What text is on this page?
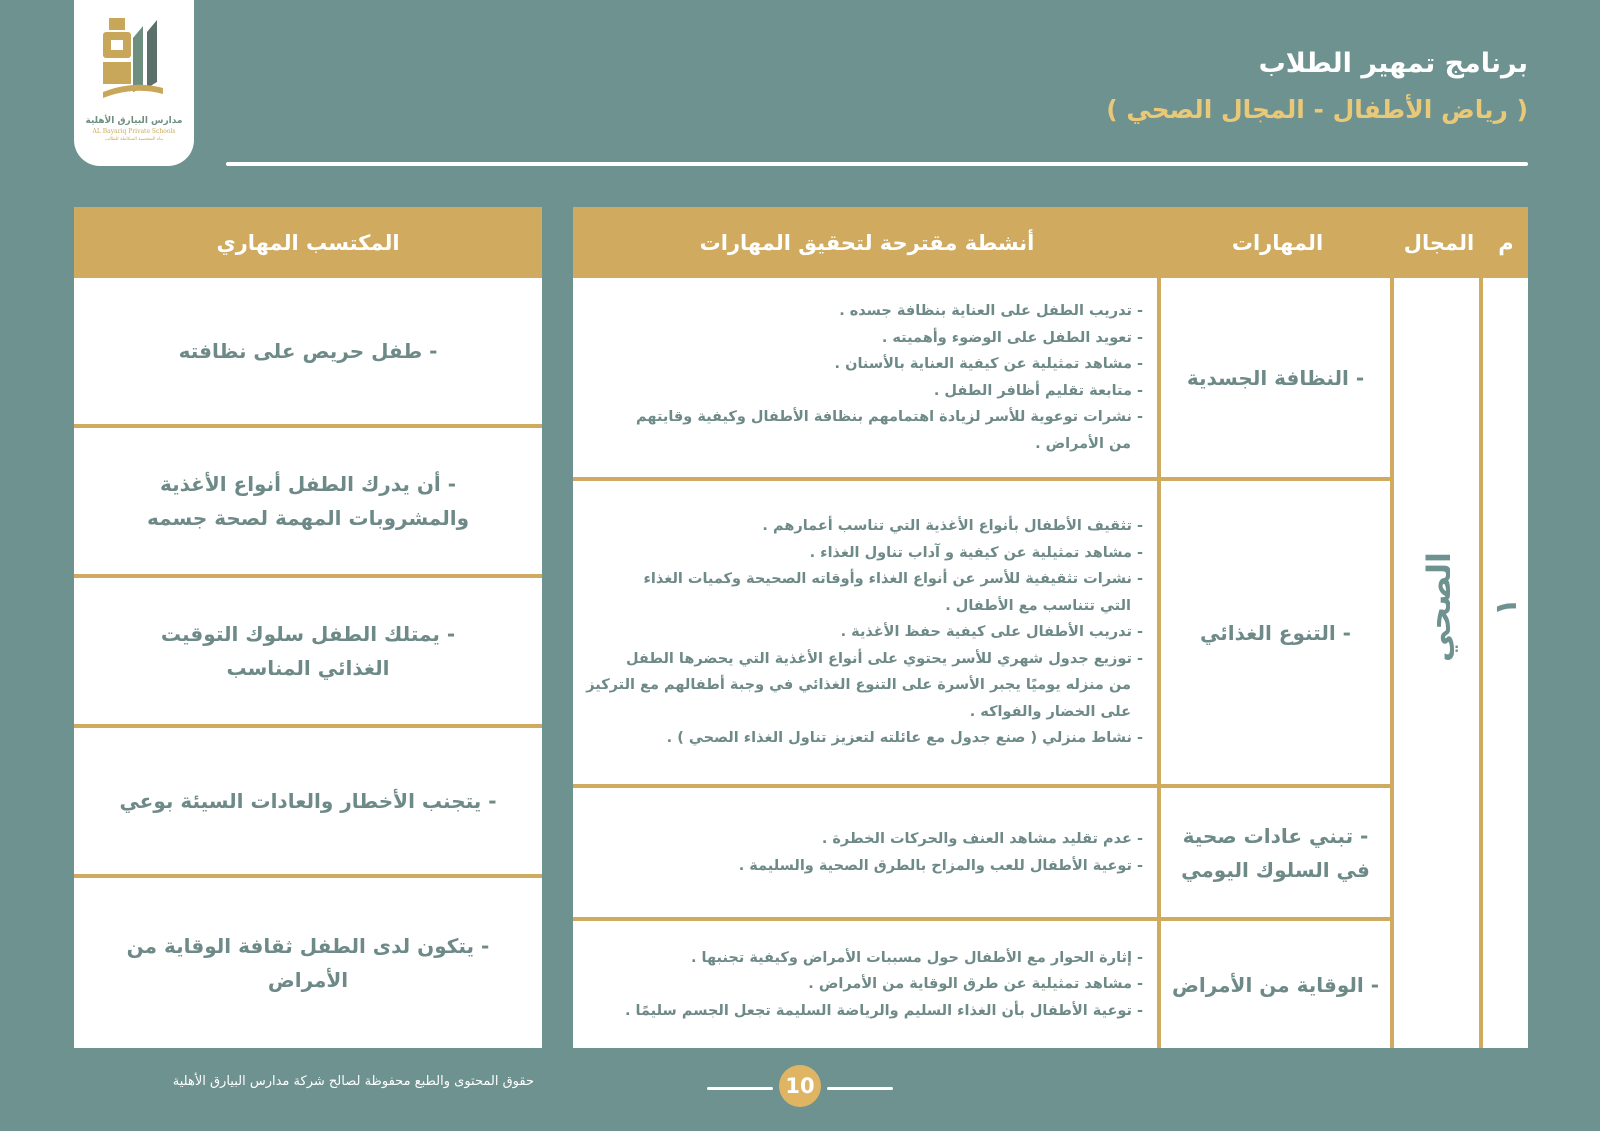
مدارس البيارق الأهلية
AL Bayariq Private Schools
بناء الشخصية المتكاملة للطالب
برنامج تمهير الطلاب
( رياض الأطفال - المجال الصحي )
م
المجال
المهارات
أنشطة مقترحة لتحقيق المهارات
١
الصحي
- النظافة الجسدية
- تدريب الطفل على العناية بنظافة جسده .
- تعويد الطفل على الوضوء وأهميته .
- مشاهد تمثيلية عن كيفية العناية بالأسنان .
- متابعة تقليم أظافر الطفل .
- نشرات توعوية للأسر لزيادة اهتمامهم بنظافة الأطفال وكيفية وقايتهم
من الأمراض .
- التنوع الغذائي
- تثقيف الأطفال بأنواع الأغذية التي تناسب أعمارهم .
- مشاهد تمثيلية عن كيفية و آداب تناول الغذاء .
- نشرات تثقيفية للأسر عن أنواع الغذاء وأوقاته الصحيحة وكميات الغذاء
التي تتناسب مع الأطفال .
- تدريب الأطفال على كيفية حفظ الأغذية .
- توزيع جدول شهري للأسر يحتوي على أنواع الأغذية التي يحضرها الطفل
من منزله يوميًا يجبر الأسرة على التنوع الغذائي في وجبة أطفالهم مع التركيز
على الخضار والفواكه .
- نشاط منزلي ( صنع جدول مع عائلته لتعزيز تناول الغذاء الصحي ) .
- تبني عادات صحية
في السلوك اليومي
- عدم تقليد مشاهد العنف والحركات الخطرة .
- توعية الأطفال للعب والمزاح بالطرق الصحية والسليمة .
- الوقاية من الأمراض
- إثارة الحوار مع الأطفال حول مسببات الأمراض وكيفية تجنبها .
- مشاهد تمثيلية عن طرق الوقاية من الأمراض .
- توعية الأطفال بأن الغذاء السليم والرياضة السليمة تجعل الجسم سليمًا .
المكتسب المهاري
- طفل حريص على نظافته
- أن يدرك الطفل أنواع الأغذية
والمشروبات المهمة لصحة جسمه
- يمتلك الطفل سلوك التوقيت
الغذائي المناسب
- يتجنب الأخطار والعادات السيئة بوعي
- يتكون لدى الطفل ثقافة الوقاية من الأمراض
حقوق المحتوى والطبع محفوظة لصالح شركة مدارس البيارق الأهلية	10
